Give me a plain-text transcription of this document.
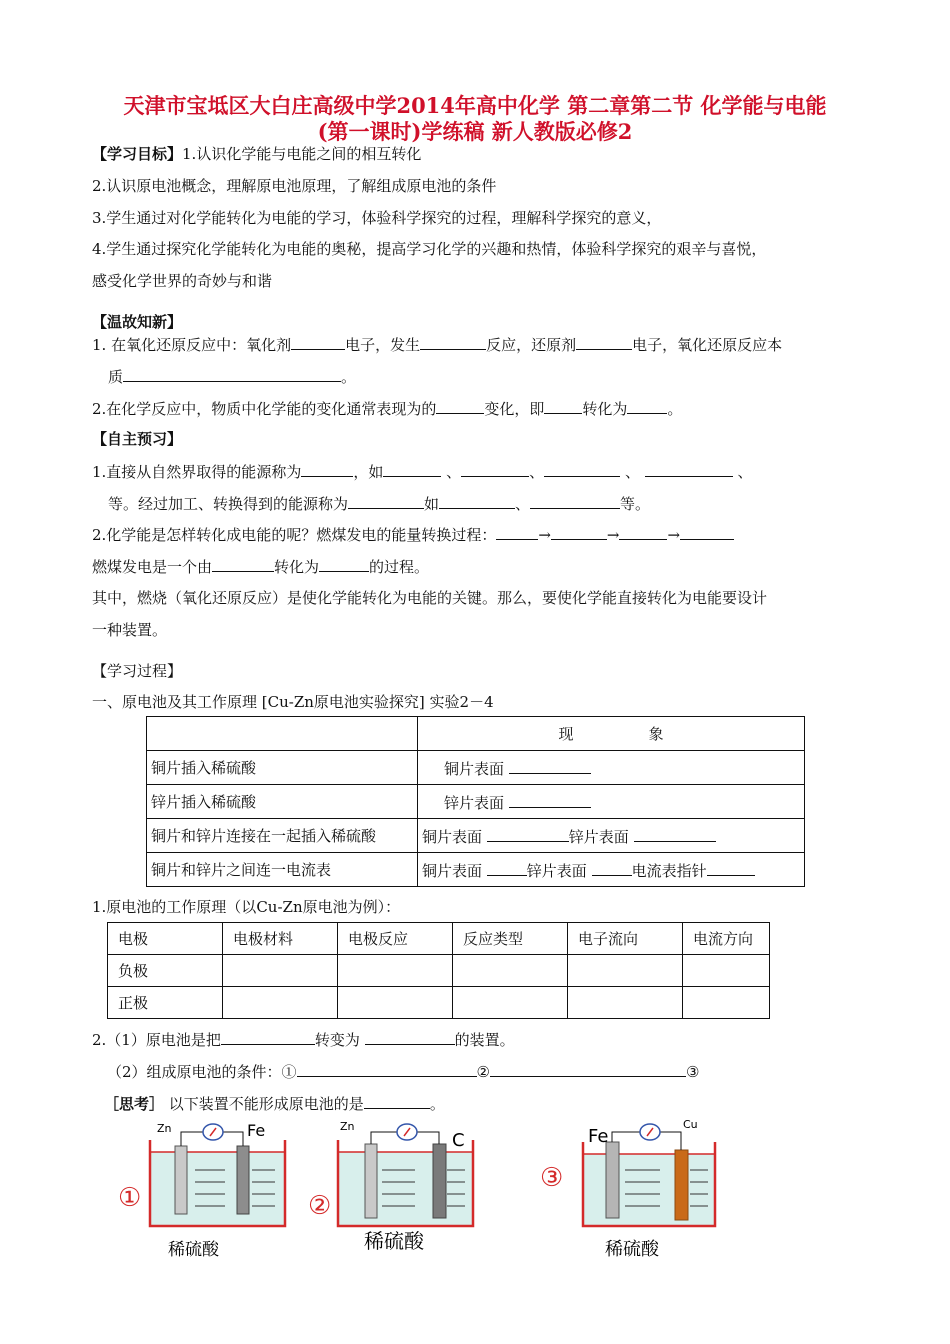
天津市宝坻区大白庄高级中学2014年高中化学 第二章第二节 化学能与电能
(第一课时)学练稿 新人教版必修2
【学习目标】1.认识化学能与电能之间的相互转化
2.认识原电池概念，理解原电池原理，了解组成原电池的条件
3.学生通过对化学能转化为电能的学习，体验科学探究的过程，理解科学探究的意义，
4.学生通过探究化学能转化为电能的奥秘，提高学习化学的兴趣和热情，体验科学探究的艰辛与喜悦，
感受化学世界的奇妙与和谐
【温故知新】
1. 在氧化还原反应中：氧化剂	电子，发生	反应，还原剂	电子，氧化还原反应本
质	。
2.在化学反应中，物质中化学能的变化通常表现为的	变化，即	转化为	。
【自主预习】
1.直接从自然界取得的能源称为	，如	、	、	、	、
等。经过加工、转换得到的能源称为	如	、	等。
2.化学能是怎样转化成电能的呢？燃煤发电的能量转换过程：	→	→	→
燃煤发电是一个由	转化为	的过程。
其中，燃烧（氧化还原反应）是使化学能转化为电能的关键。那么，要使化学能直接转化为电能要设计
一种装置。
【学习过程】
一、原电池及其工作原理 [Cu-Zn原电池实验探究] 实验2－4
	现　　　　　象
铜片插入稀硫酸	铜片表面
锌片插入稀硫酸	锌片表面
铜片和锌片连接在一起插入稀硫酸	铜片表面 锌片表面
铜片和锌片之间连一电流表	铜片表面 锌片表面 电流表指针
1.原电池的工作原理（以Cu-Zn原电池为例）：
电极	电极材料	电极反应	反应类型	电子流向	电流方向
负极					
正极					
2.（1）原电池是把	转变为	的装置。
（2）组成原电池的条件：①	②	③
［思考］ 以下装置不能形成原电池的是	。
Zn	Fe
①
稀硫酸
Zn
C
②
稀硫酸
Fe
Cu
③
稀硫酸
